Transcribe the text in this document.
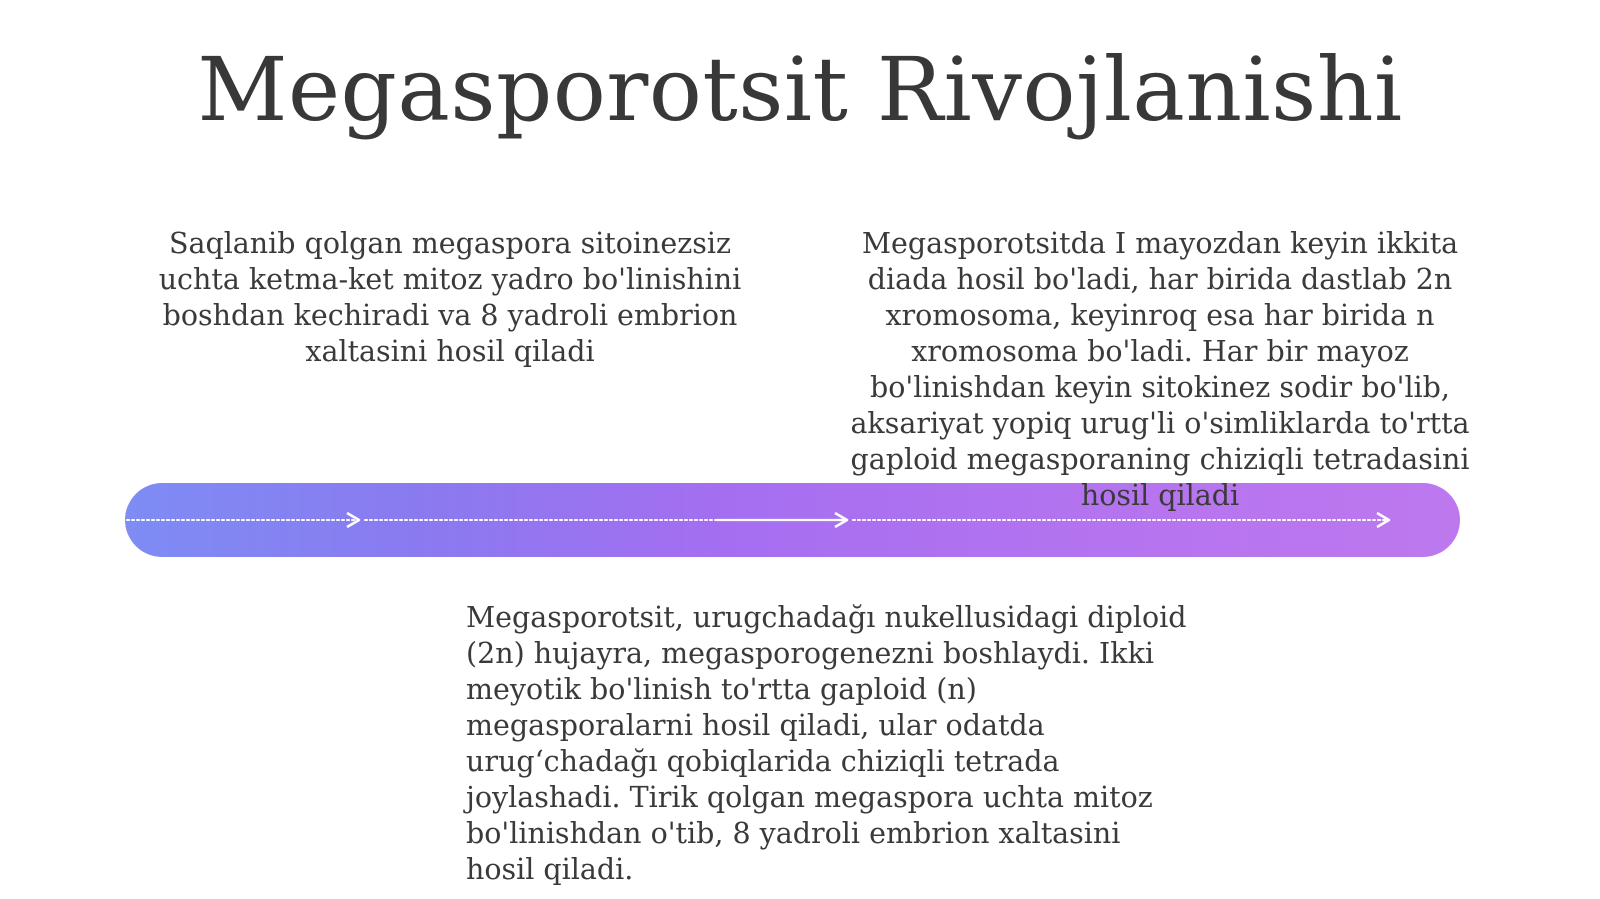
Megasporotsit Rivojlanishi
Saqlanib qolgan megaspora sitoinezsiz uchta ketma-ket mitoz yadro bo'linishini boshdan kechiradi va 8 yadroli embrion xaltasini hosil qiladi
Megasporotsitda I mayozdan keyin ikkita diada hosil bo'ladi, har birida dastlab 2n xromosoma, keyinroq esa har birida n xromosoma bo'ladi. Har bir mayoz bo'linishdan keyin sitokinez sodir bo'lib, aksariyat yopiq urug'li o'simliklarda to'rtta gaploid megasporaning chiziqli tetradasini hosil qiladi
Megasporotsit, urugchadağı nukellusidagi diploid (2n) hujayra, megasporogenezni boshlaydi. Ikki meyotik bo'linish to'rtta gaploid (n) megasporalarni hosil qiladi, ular odatda urug‘chadağı qobiqlarida chiziqli tetrada joylashadi. Tirik qolgan megaspora uchta mitoz bo'linishdan o'tib, 8 yadroli embrion xaltasini hosil qiladi.
